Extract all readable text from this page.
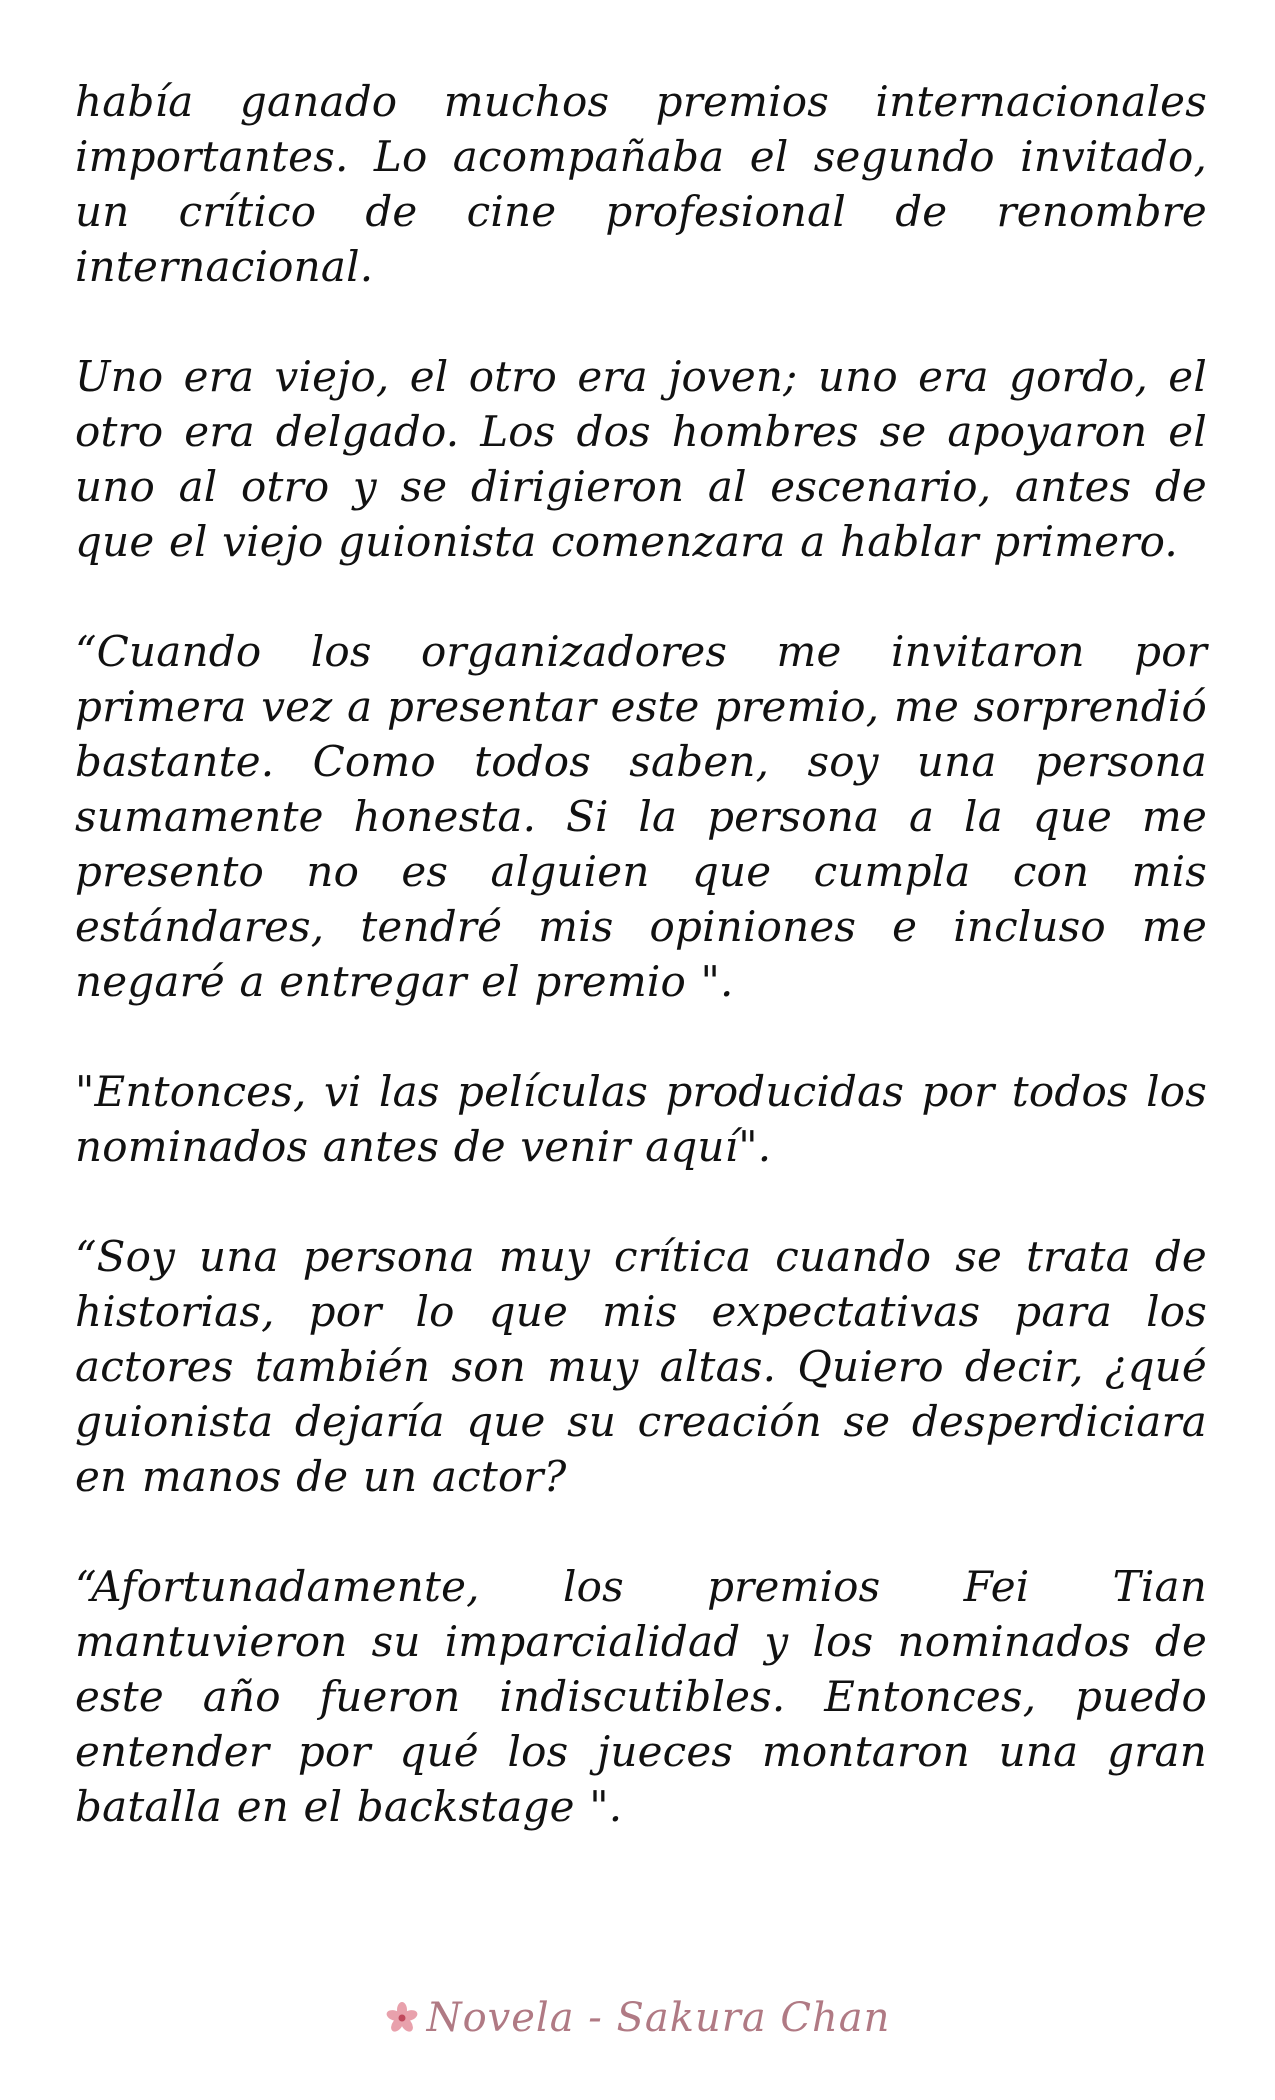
había ganado muchos premios internacionales importantes. Lo acompañaba el segundo invitado, un crítico de cine profesional de renombre internacional.

Uno era viejo, el otro era joven; uno era gordo, el otro era delgado. Los dos hombres se apoyaron el uno al otro y se dirigieron al escenario, antes de que el viejo guionista comenzara a hablar primero.

“Cuando los organizadores me invitaron por primera vez a presentar este premio, me sorprendió bastante. Como todos saben, soy una persona sumamente honesta. Si la persona a la que me presento no es alguien que cumpla con mis estándares, tendré mis opiniones e incluso me negaré a entregar el premio ".

"Entonces, vi las películas producidas por todos los nominados antes de venir aquí".

“Soy una persona muy crítica cuando se trata de historias, por lo que mis expectativas para los actores también son muy altas. Quiero decir, ¿qué guionista dejaría que su creación se desperdiciara en manos de un actor?

“Afortunadamente, los premios Fei Tian mantuvieron su imparcialidad y los nominados de este año fueron indiscutibles. Entonces, puedo entender por qué los jueces montaron una gran batalla en el backstage ".

Novela - Sakura Chan
